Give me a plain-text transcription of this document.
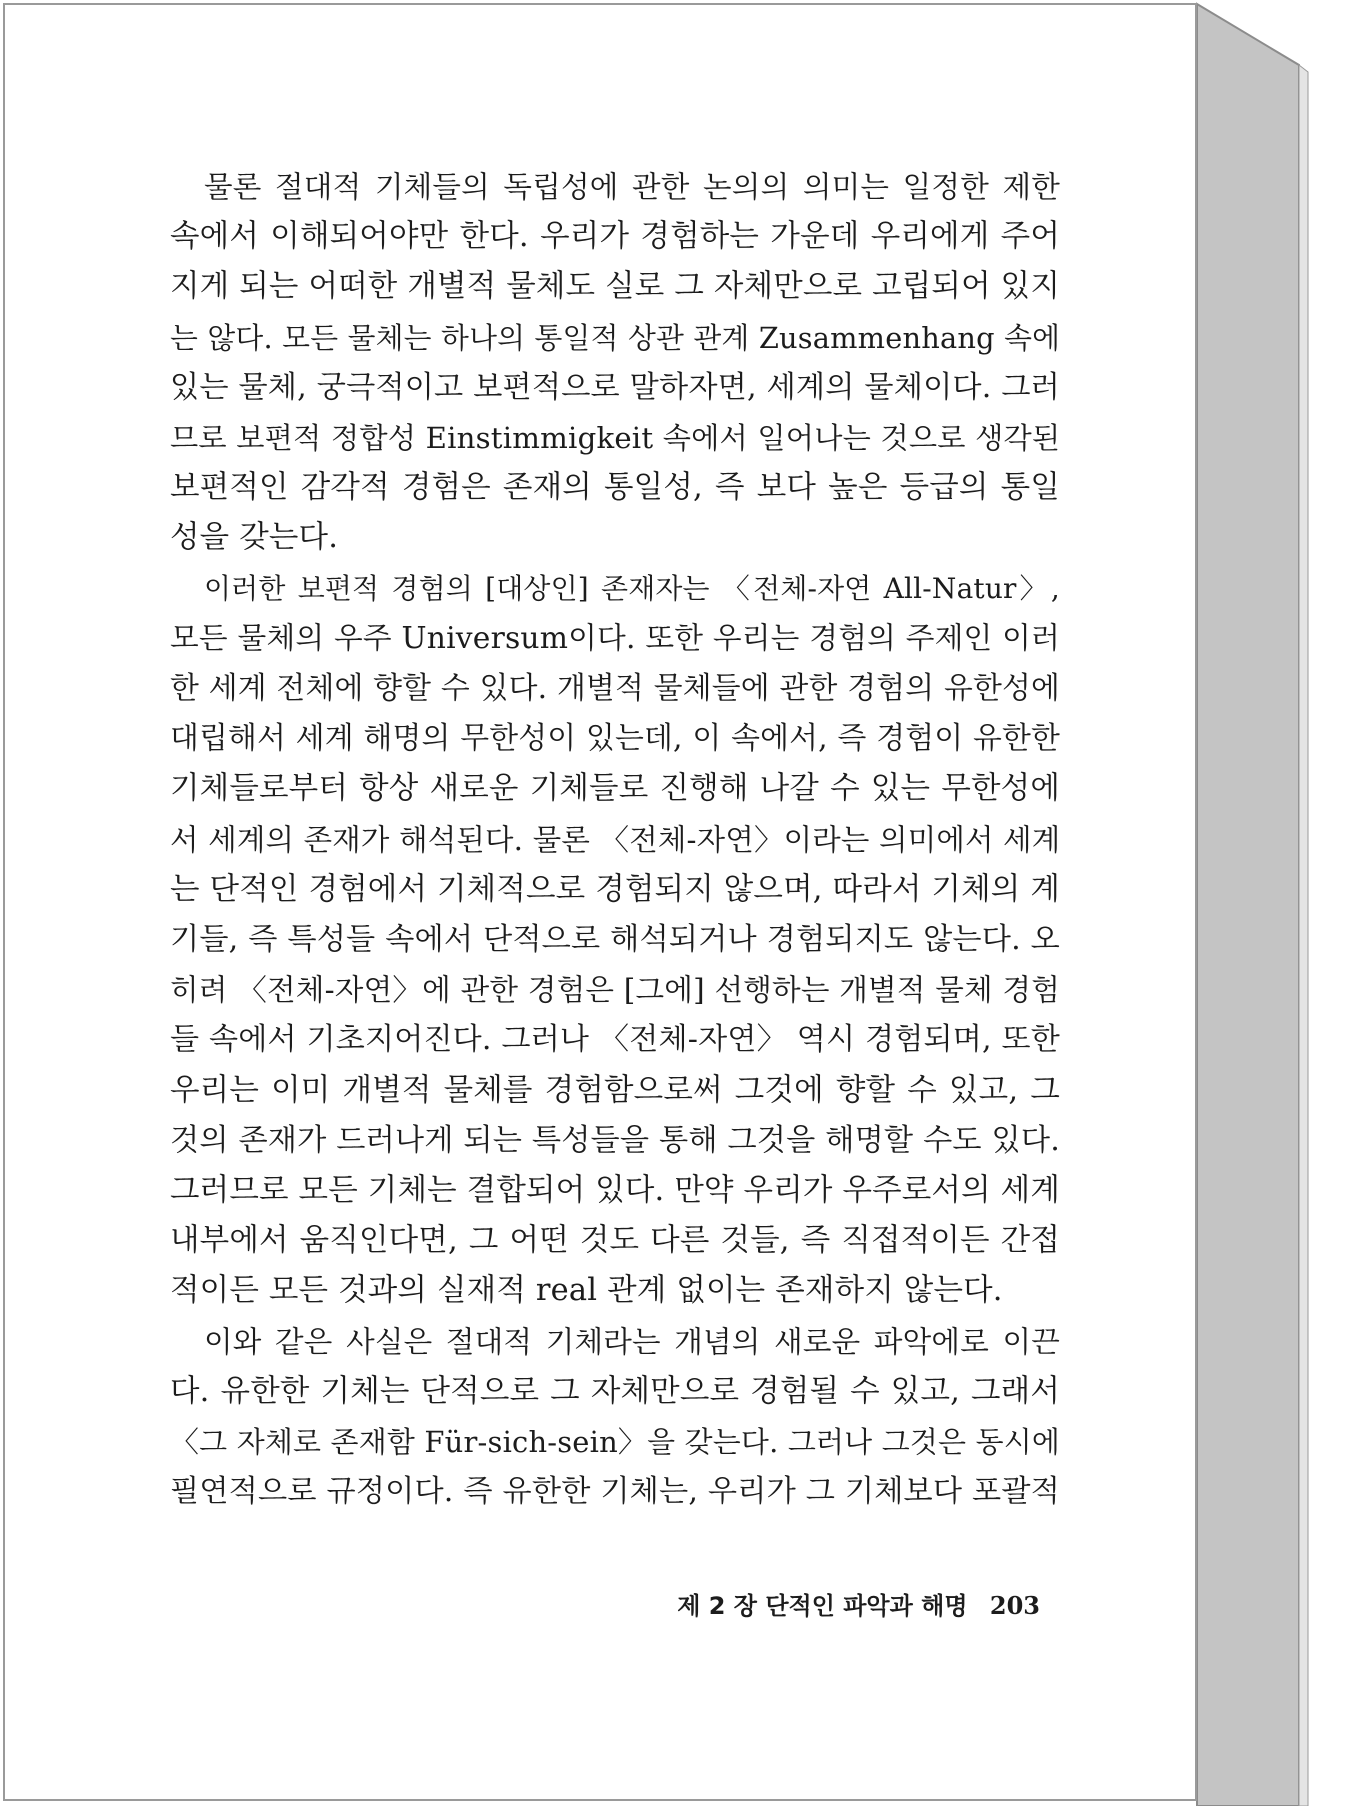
물론 절대적 기체들의 독립성에 관한 논의의 의미는 일정한 제한
속에서 이해되어야만 한다. 우리가 경험하는 가운데 우리에게 주어
지게 되는 어떠한 개별적 물체도 실로 그 자체만으로 고립되어 있지
는 않다. 모든 물체는 하나의 통일적 상관 관계 Zusammenhang 속에
있는 물체, 궁극적이고 보편적으로 말하자면, 세계의 물체이다. 그러
므로 보편적 정합성 Einstimmigkeit 속에서 일어나는 것으로 생각된
보편적인 감각적 경험은 존재의 통일성, 즉 보다 높은 등급의 통일
성을 갖는다.
이러한 보편적 경험의 [대상인] 존재자는 〈전체-자연 All-Natur〉,
모든 물체의 우주 Universum이다. 또한 우리는 경험의 주제인 이러
한 세계 전체에 향할 수 있다. 개별적 물체들에 관한 경험의 유한성에
대립해서 세계 해명의 무한성이 있는데, 이 속에서, 즉 경험이 유한한
기체들로부터 항상 새로운 기체들로 진행해 나갈 수 있는 무한성에
서 세계의 존재가 해석된다. 물론 〈전체-자연〉이라는 의미에서 세계
는 단적인 경험에서 기체적으로 경험되지 않으며, 따라서 기체의 계
기들, 즉 특성들 속에서 단적으로 해석되거나 경험되지도 않는다. 오
히려 〈전체-자연〉에 관한 경험은 [그에] 선행하는 개별적 물체 경험
들 속에서 기초지어진다. 그러나 〈전체-자연〉 역시 경험되며, 또한
우리는 이미 개별적 물체를 경험함으로써 그것에 향할 수 있고, 그
것의 존재가 드러나게 되는 특성들을 통해 그것을 해명할 수도 있다.
그러므로 모든 기체는 결합되어 있다. 만약 우리가 우주로서의 세계
내부에서 움직인다면, 그 어떤 것도 다른 것들, 즉 직접적이든 간접
적이든 모든 것과의 실재적 real 관계 없이는 존재하지 않는다.
이와 같은 사실은 절대적 기체라는 개념의 새로운 파악에로 이끈
다. 유한한 기체는 단적으로 그 자체만으로 경험될 수 있고, 그래서
〈그 자체로 존재함 Für-sich-sein〉을 갖는다. 그러나 그것은 동시에
필연적으로 규정이다. 즉 유한한 기체는, 우리가 그 기체보다 포괄적
제 2 장 단적인 파악과 해명 203
